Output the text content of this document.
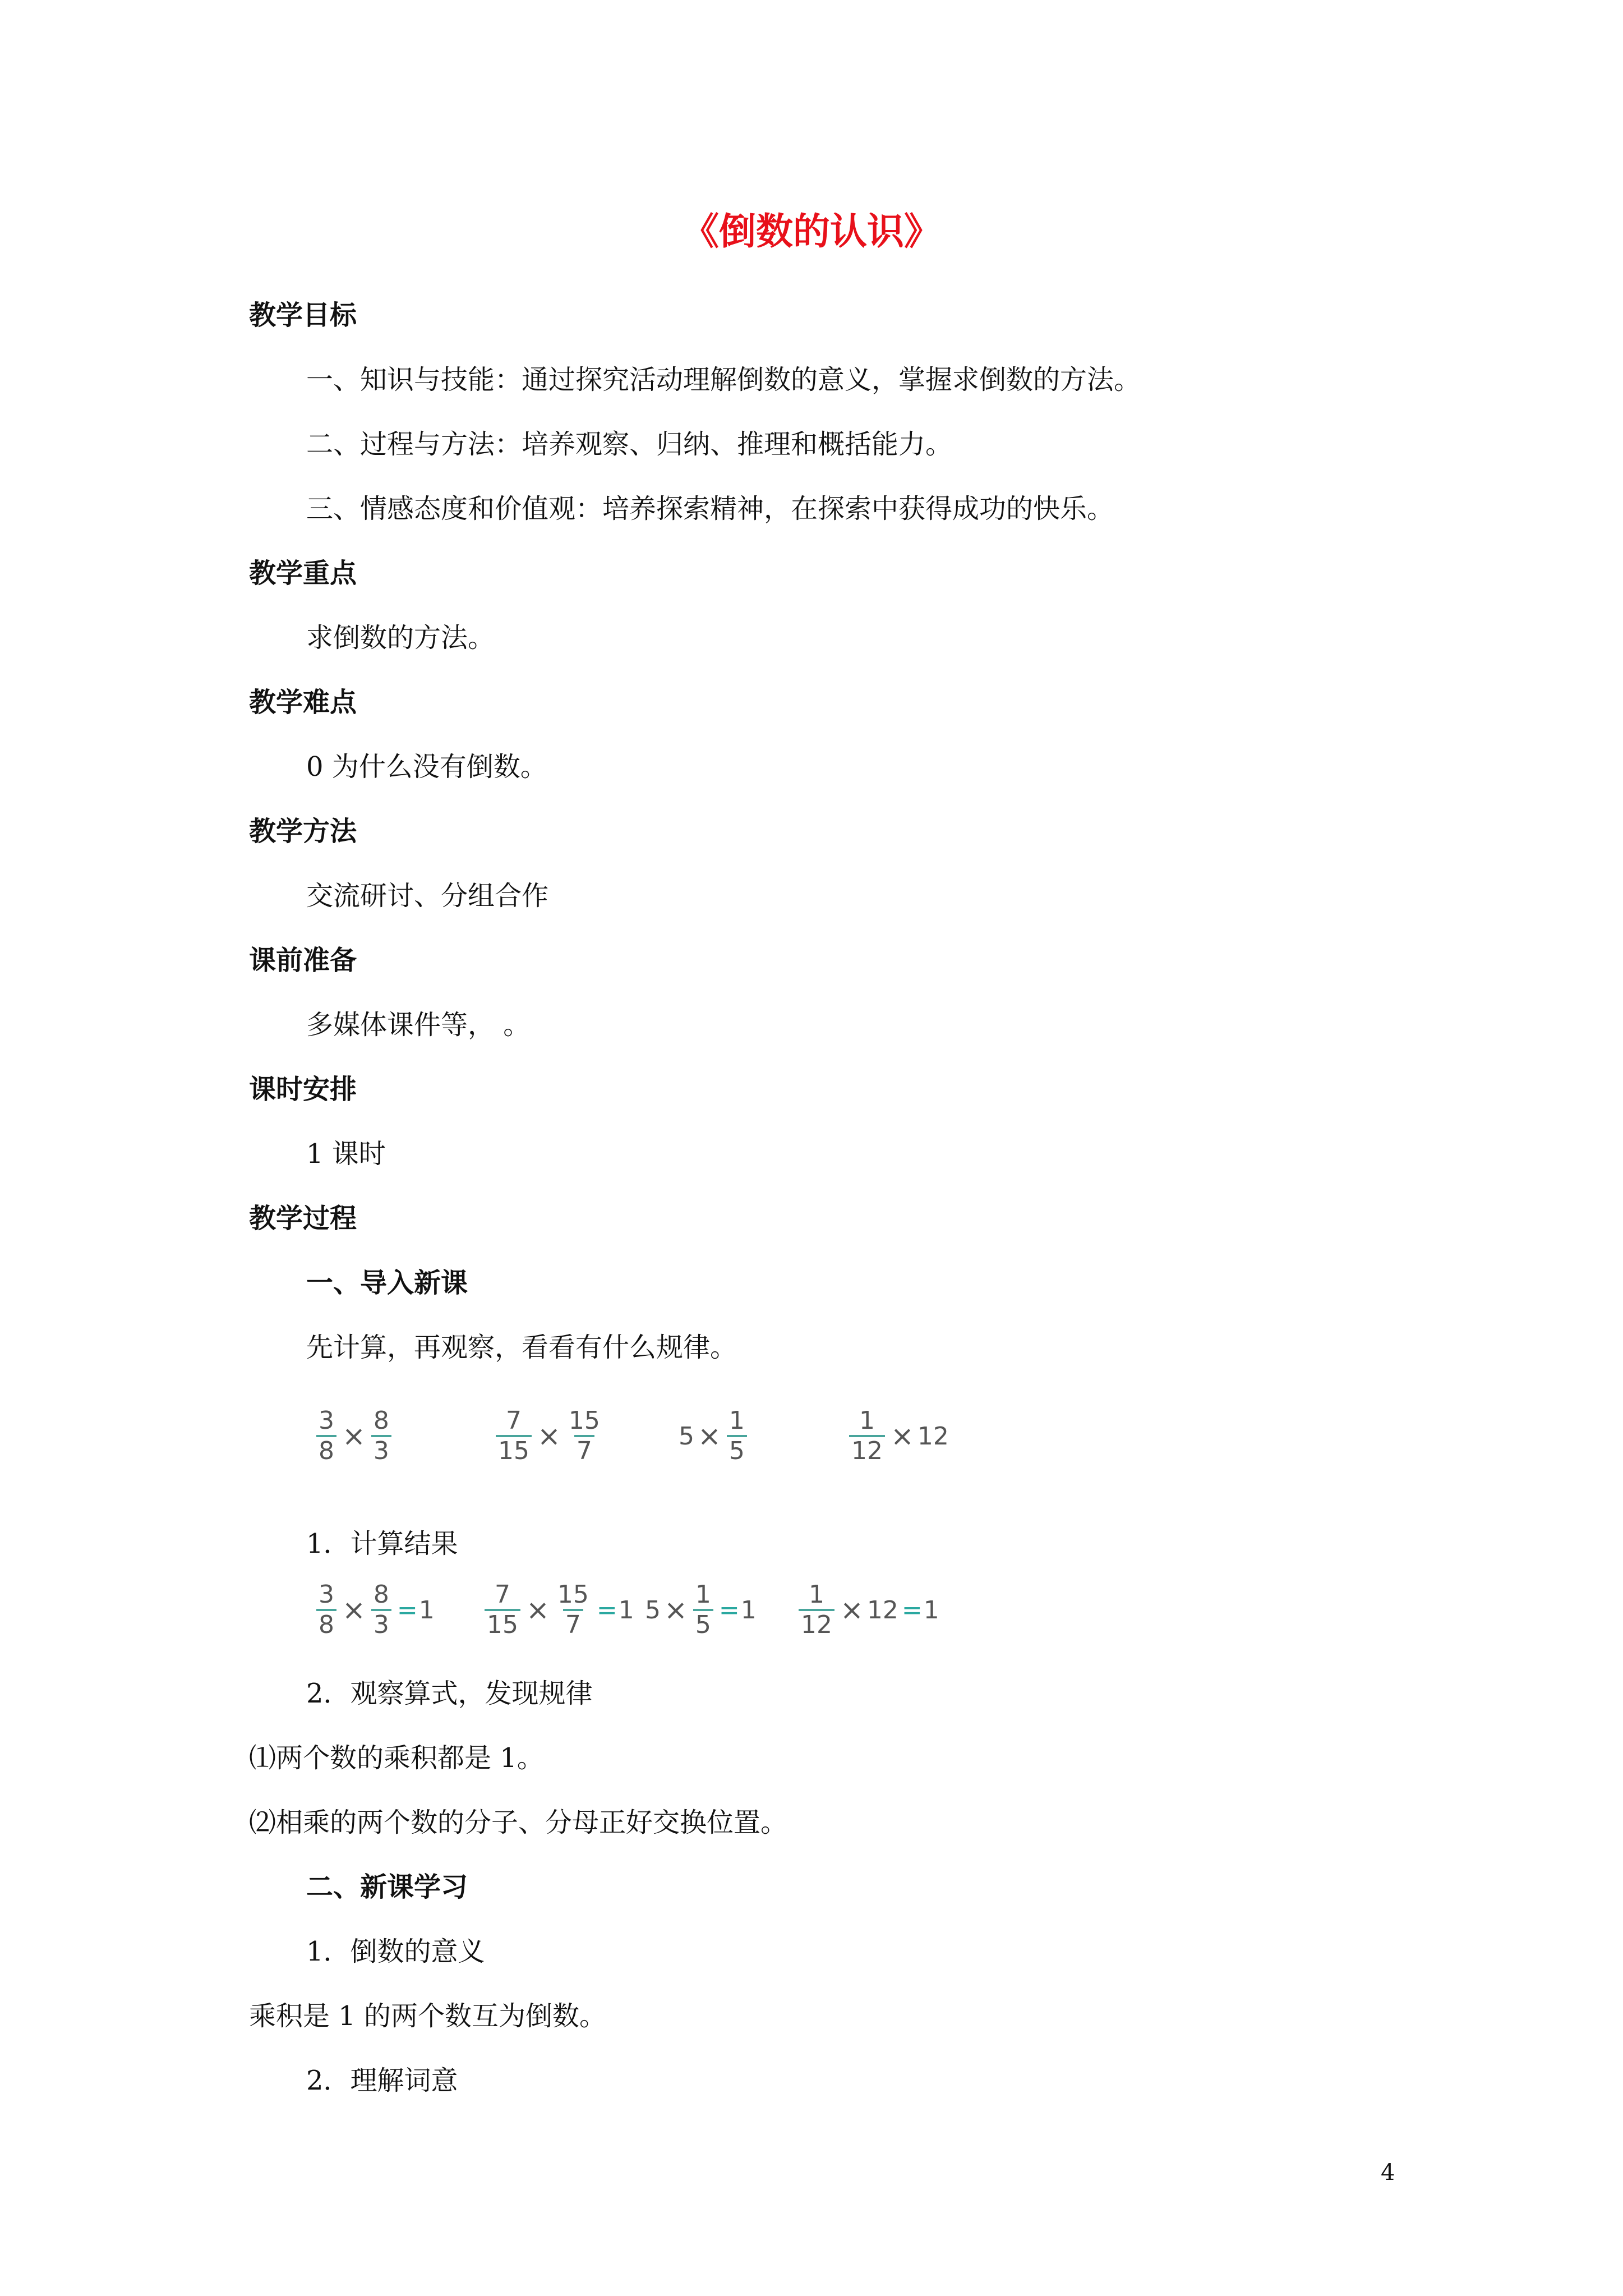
《倒数的认识》
教学目标
一、知识与技能：通过探究活动理解倒数的意义，掌握求倒数的方法。
二、过程与方法：培养观察、归纳、推理和概括能力。
三、情感态度和价值观：培养探索精神，在探索中获得成功的快乐。
教学重点
求倒数的方法。
教学难点
0 为什么没有倒数。
教学方法
交流研讨、分组合作
课前准备
多媒体课件等， 。
课时安排
1 课时
教学过程
一、导入新课
先计算，再观察，看看有什么规律。
$\frac{3}{8} \times \frac{8}{3}$	$\frac{7}{15} \times \frac{15}{7}$	$5 \times \frac{1}{5}$	$\frac{1}{12} \times 12$
1．计算结果
$\frac{3}{8} \times \frac{8}{3} = 1 \frac{7}{15} \times \frac{15}{7} = 1$ $5 \times \frac{1}{5} = 1 \frac{1}{12} \times 12 = 1$
2．观察算式，发现规律
⑴两个数的乘积都是 1。
⑵相乘的两个数的分子、分母正好交换位置。
二、新课学习
1．倒数的意义
乘积是 1 的两个数互为倒数。
2．理解词意
4
